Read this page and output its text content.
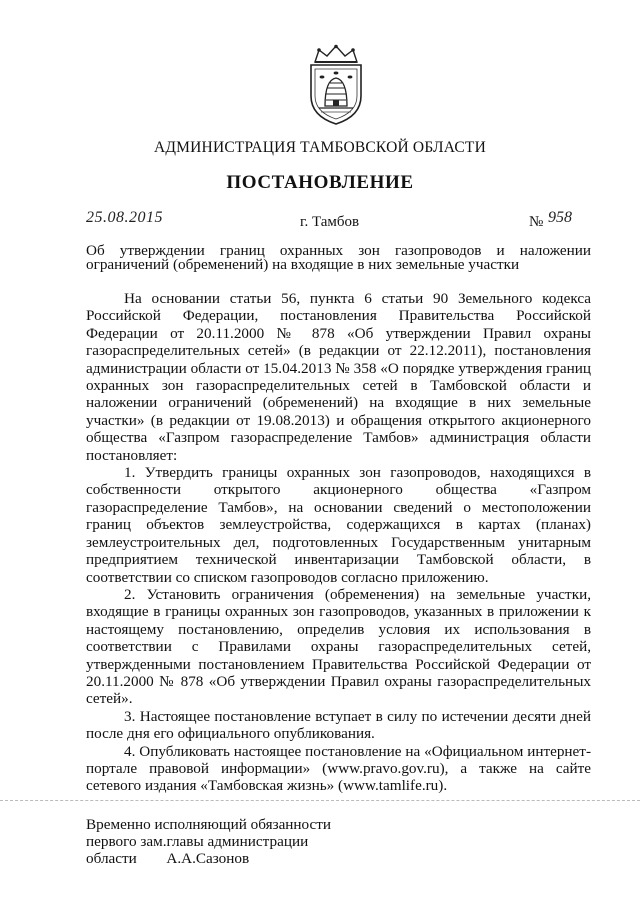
АДМИНИСТРАЦИЯ ТАМБОВСКОЙ ОБЛАСТИ
ПОСТАНОВЛЕНИЕ
25.08.2015	г. Тамбов	№ 958
Об утверждении границ охранных зон газопроводов и наложении ограничений (обременений) на входящие в них земельные участки

На основании статьи 56, пункта 6 статьи 90 Земельного кодекса Российской Федерации, постановления Правительства Российской Федерации от 20.11.2000 № 878 «Об утверждении Правил охраны газораспределительных сетей» (в редакции от 22.12.2011), постановления администрации области от 15.04.2013 № 358 «О порядке утверждения границ охранных зон газораспределительных сетей в Тамбовской области и наложении ограничений (обременений) на входящие в них земельные участки» (в редакции от 19.08.2013) и обращения открытого акционерного общества «Газпром газораспределение Тамбов» администрация области постановляет:

1. Утвердить границы охранных зон газопроводов, находящихся в собственности открытого акционерного общества «Газпром газораспределение Тамбов», на основании сведений о местоположении границ объектов землеустройства, содержащихся в картах (планах) землеустроительных дел, подготовленных Государственным унитарным предприятием технической инвентаризации Тамбовской области, в соответствии со списком газопроводов согласно приложению.

2. Установить ограничения (обременения) на земельные участки, входящие в границы охранных зон газопроводов, указанных в приложении к настоящему постановлению, определив условия их использования в соответствии с Правилами охраны газораспределительных сетей, утвержденными постановлением Правительства Российской Федерации от 20.11.2000 № 878 «Об утверждении Правил охраны газораспределительных сетей».

3. Настоящее постановление вступает в силу по истечении десяти дней после дня его официального опубликования.

4. Опубликовать настоящее постановление на «Официальном интернет-портале правовой информации» (www.pravo.gov.ru), а также на сайте сетевого издания «Тамбовская жизнь» (www.tamlife.ru).

Временно исполняющий обязанности
первого зам.главы администрации
области А.А.Сазонов
